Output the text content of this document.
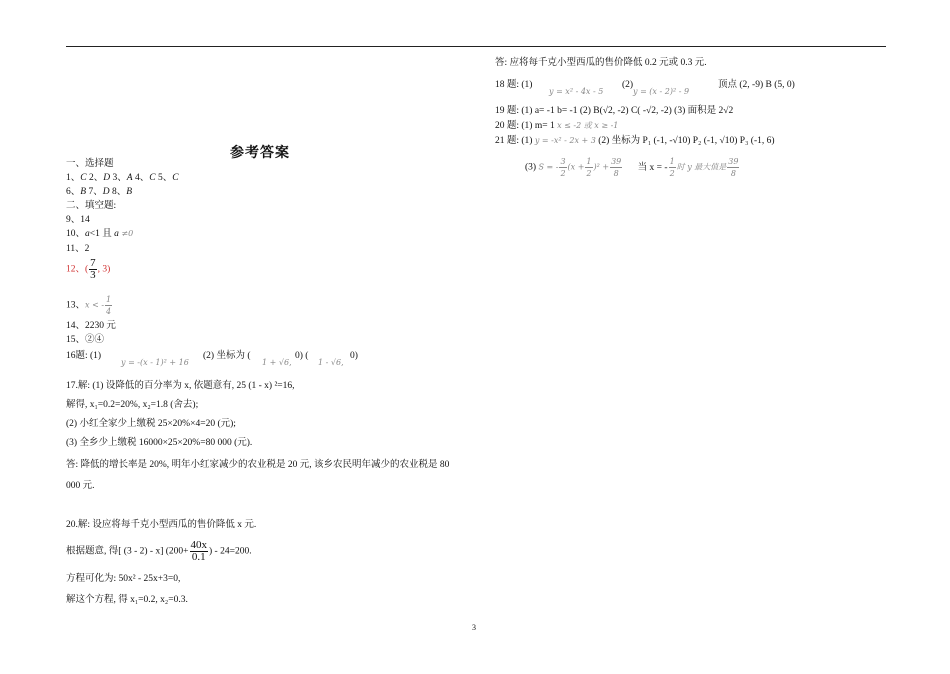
参考答案
一、选择题
1、C 2、D 3、A 4、C 5、C
6、B 7、D 8、B
二、填空题:
9、14
10、a<1 且 a ≠0
11、2
12、( $\frac{7}{3}$ , 3)
13、x < - $\frac{1}{4}$
14、2230 元
15、②④
16题: (1)
y = -(x - 1)² + 16
(2) 坐标为 (
1 + √6,
0) (
1 - √6,
0)
17.解: (1) 设降低的百分率为 x, 依题意有, 25 (1 - x) ²=16,
解得, x₁=0.2=20%, x₂=1.8 (舍去);
(2) 小红全家少上缴税 25×20%×4=20 (元);
(3) 全乡少上缴税 16000×25×20%=80 000 (元).
答: 降低的增长率是 20%, 明年小红家减少的农业税是 20 元, 该乡农民明年减少的农业税是 80
000 元.
20.解: 设应将每千克小型西瓜的售价降低 x 元.
根据题意, 得[ (3 - 2) - x] ($200+ \frac{40x}{0.1}$ ) - 24=200.
方程可化为: 50x² - 25x+3=0,
解这个方程, 得 x₁=0.2, x₂=0.3.
答: 应将每千克小型西瓜的售价降低 0.2 元或 0.3 元.
18 题: (1)
y = x² - 4x - 5
(2)
y = (x - 2)² - 9
顶点 (2, -9) B (5, 0)
19 题: (1) a= -1 b= -1 (2) B(√2, -2) C( -√2, -2) (3) 面积是 2√2
20 题: (1) m= 1 x ≤ -2 或 x ≥ -1
21 题: (1) y = -x² - 2x + 3 (2) 坐标为 P₁ (-1, -√10) P₂ (-1, √10) P₃ (-1, 6)
(3) S = - $\frac{3}{2} (x + \frac{1}{2} )^2 + \frac{39}{8}$ 当 x = - $\frac{1}{2}$ 时 y 最大值是 $\frac{39}{8}$
3
